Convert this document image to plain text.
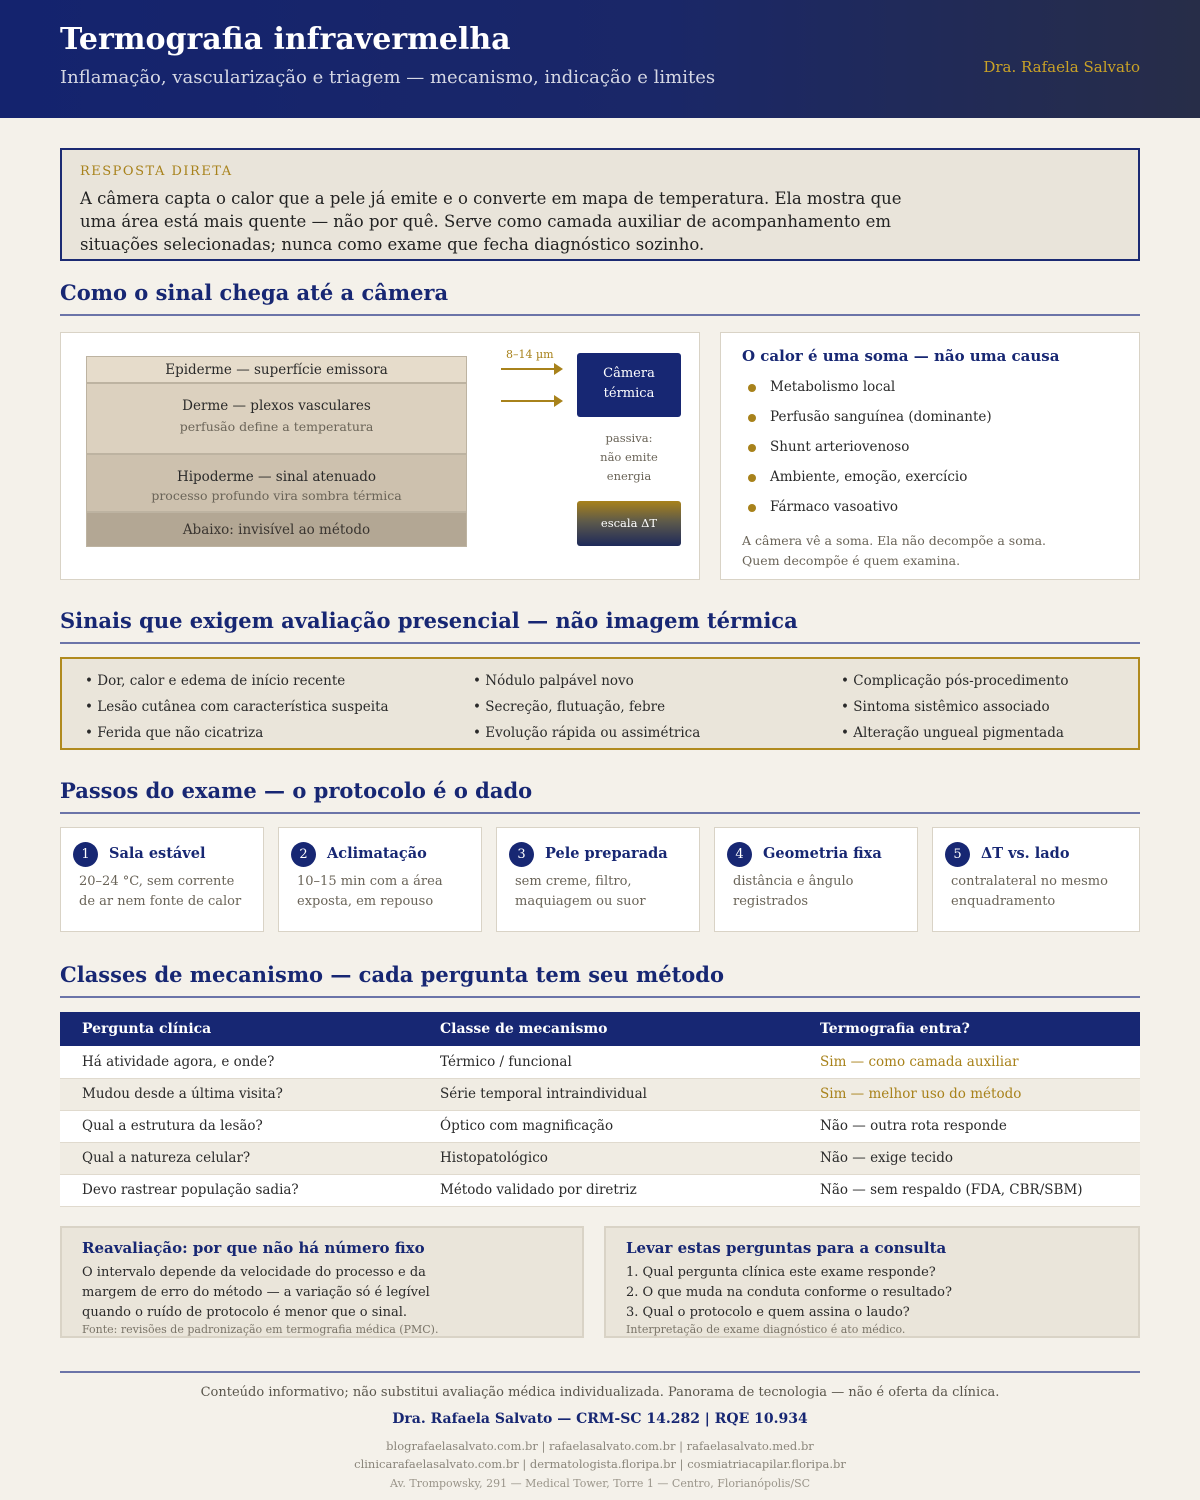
Termografia infravermelha
Inflamação, vascularização e triagem — mecanismo, indicação e limites	Dra. Rafaela Salvato
RESPOSTA DIRETA
A câmera capta o calor que a pele já emite e o converte em mapa de temperatura. Ela mostra que uma área está mais quente — não por quê. Serve como camada auxiliar de acompanhamento em situações selecionadas; nunca como exame que fecha diagnóstico sozinho.
Como o sinal chega até a câmera
Epiderme — superfície emissora
Derme — plexos vasculares
perfusão define a temperatura
Hipoderme — sinal atenuado
processo profundo vira sombra térmica
Abaixo: invisível ao método
8–14 µm
Câmera
térmica
passiva:
não emite
energia
escala ΔT
O calor é uma soma — não uma causa
Metabolismo local
Perfusão sanguínea (dominante)
Shunt arteriovenoso
Ambiente, emoção, exercício
Fármaco vasoativo
A câmera vê a soma. Ela não decompõe a soma.
Quem decompõe é quem examina.
Sinais que exigem avaliação presencial — não imagem térmica
• Dor, calor e edema de início recente	• Nódulo palpável novo	• Complicação pós-procedimento
• Lesão cutânea com característica suspeita	• Secreção, flutuação, febre	• Sintoma sistêmico associado
• Ferida que não cicatriza	• Evolução rápida ou assimétrica	• Alteração ungueal pigmentada
Passos do exame — o protocolo é o dado
1	Sala estável
20–24 °C, sem corrente de ar nem fonte de calor
2	Aclimatação
10–15 min com a área exposta, em repouso
3	Pele preparada
sem creme, filtro, maquiagem ou suor
4	Geometria fixa
distância e ângulo registrados
5	ΔT vs. lado
contralateral no mesmo enquadramento
Classes de mecanismo — cada pergunta tem seu método
Pergunta clínica	Classe de mecanismo	Termografia entra?
Há atividade agora, e onde?	Térmico / funcional	Sim — como camada auxiliar
Mudou desde a última visita?	Série temporal intraindividual	Sim — melhor uso do método
Qual a estrutura da lesão?	Óptico com magnificação	Não — outra rota responde
Qual a natureza celular?	Histopatológico	Não — exige tecido
Devo rastrear população sadia?	Método validado por diretriz	Não — sem respaldo (FDA, CBR/SBM)
Reavaliação: por que não há número fixo
O intervalo depende da velocidade do processo e da
margem de erro do método — a variação só é legível
quando o ruído de protocolo é menor que o sinal.
Fonte: revisões de padronização em termografia médica (PMC).
Levar estas perguntas para a consulta
1. Qual pergunta clínica este exame responde?
2. O que muda na conduta conforme o resultado?
3. Qual o protocolo e quem assina o laudo?
Interpretação de exame diagnóstico é ato médico.
Conteúdo informativo; não substitui avaliação médica individualizada. Panorama de tecnologia — não é oferta da clínica.
Dra. Rafaela Salvato — CRM-SC 14.282 | RQE 10.934
blografaelasalvato.com.br | rafaelasalvato.com.br | rafaelasalvato.med.br
clinicarafaelasalvato.com.br | dermatologista.floripa.br | cosmiatriacapilar.floripa.br
Av. Trompowsky, 291 — Medical Tower, Torre 1 — Centro, Florianópolis/SC
